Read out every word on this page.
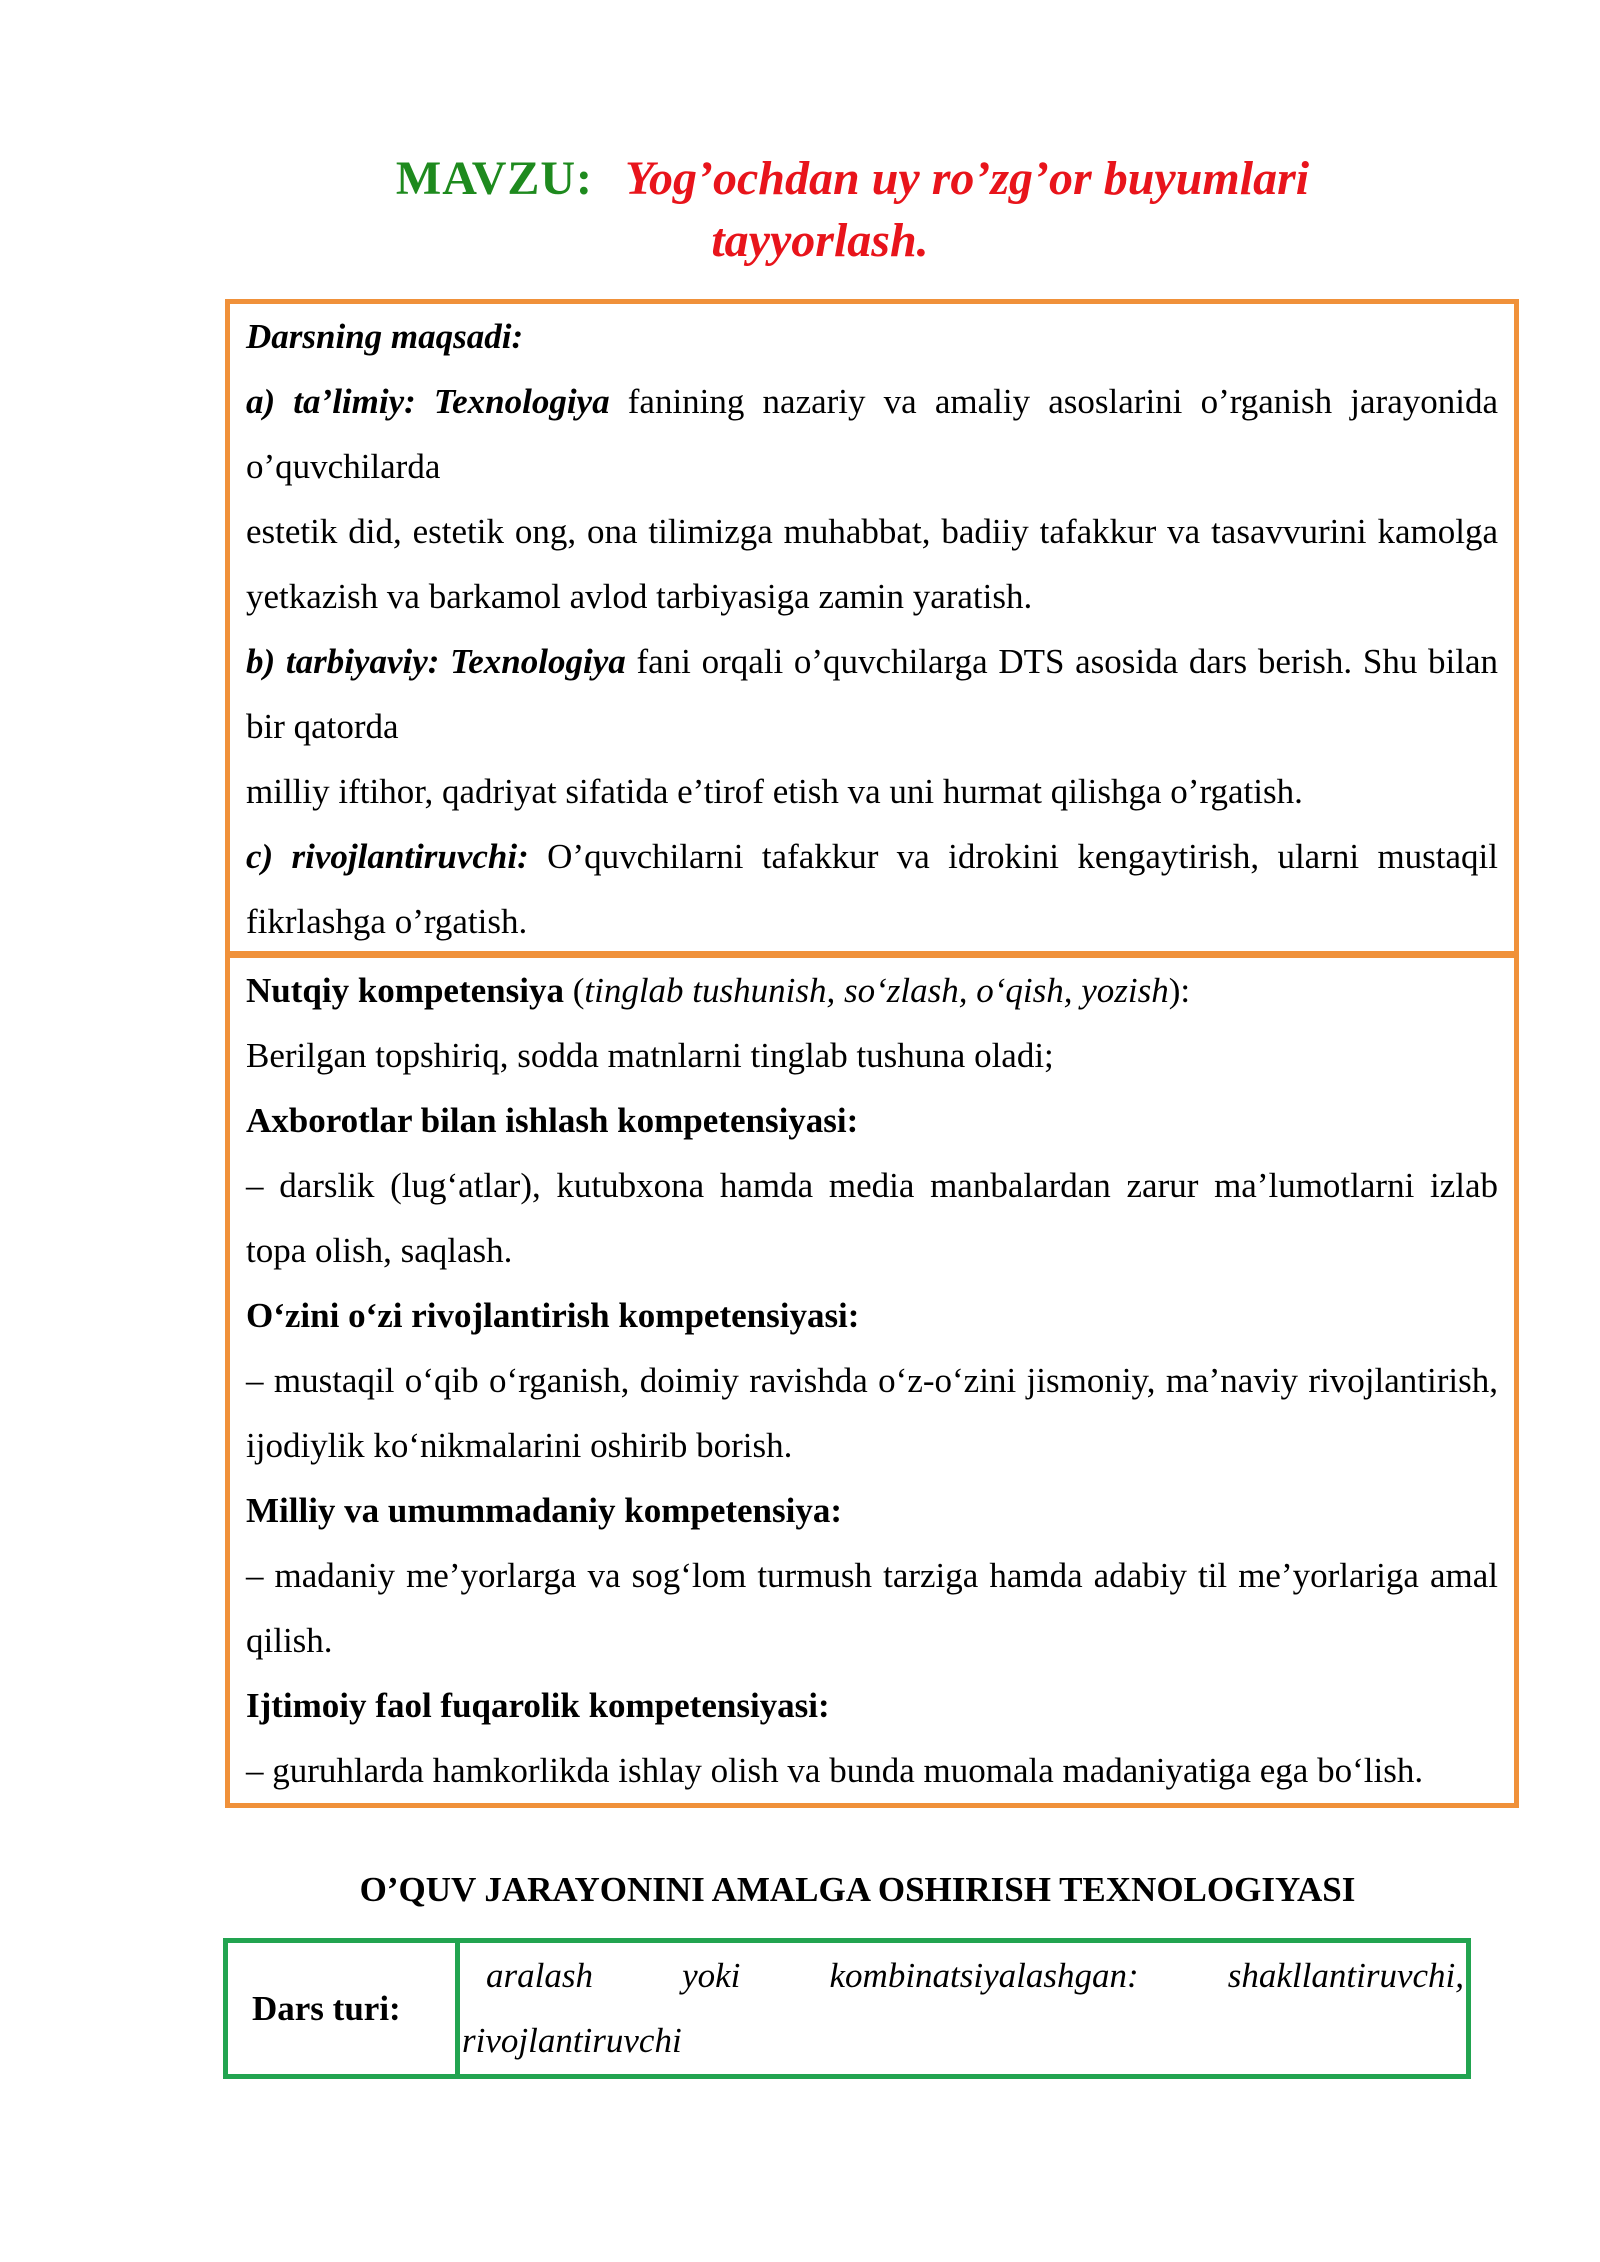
MAVZU: Yog’ochdan uy ro’zg’or buyumlari
tayyorlash.

Darsning maqsadi:

a) ta’limiy: Texnologiya fanining nazariy va amaliy asoslarini o’rganish jarayonida o’quvchilarda

estetik did, estetik ong, ona tilimizga muhabbat, badiiy tafakkur va tasavvurini kamolga yetkazish va barkamol avlod tarbiyasiga zamin yaratish.

b) tarbiyaviy: Texnologiya fani orqali o’quvchilarga DTS asosida dars berish. Shu bilan bir qatorda

milliy iftihor, qadriyat sifatida e’tirof etish va uni hurmat qilishga o’rgatish.

c) rivojlantiruvchi: O’quvchilarni tafakkur va idrokini kengaytirish, ularni mustaqil fikrlashga o’rgatish.

Nutqiy kompetensiya (tinglab tushunish, so‘zlash, o‘qish, yozish):

Berilgan topshiriq, sodda matnlarni tinglab tushuna oladi;

Axborotlar bilan ishlash kompetensiyasi:

– darslik (lug‘atlar), kutubxona hamda media manbalardan zarur ma’lumotlarni izlab topa olish, saqlash.

O‘zini o‘zi rivojlantirish kompetensiyasi:

– mustaqil o‘qib o‘rganish, doimiy ravishda o‘z-o‘zini jismoniy, ma’naviy rivojlantirish, ijodiylik ko‘nikmalarini oshirib borish.

Milliy va umummadaniy kompetensiya:

– madaniy me’yorlarga va sog‘lom turmush tarziga hamda adabiy til me’yorlariga amal qilish.

Ijtimoiy faol fuqarolik kompetensiyasi:

– guruhlarda hamkorlikda ishlay olish va bunda muomala madaniyatiga ega bo‘lish.

O’QUV JARAYONINI AMALGA OSHIRISH TEXNOLOGIYASI
Dars turi:
aralash	yoki	kombinatsiyalashgan:	shakllantiruvchi,
rivojlantiruvchi
